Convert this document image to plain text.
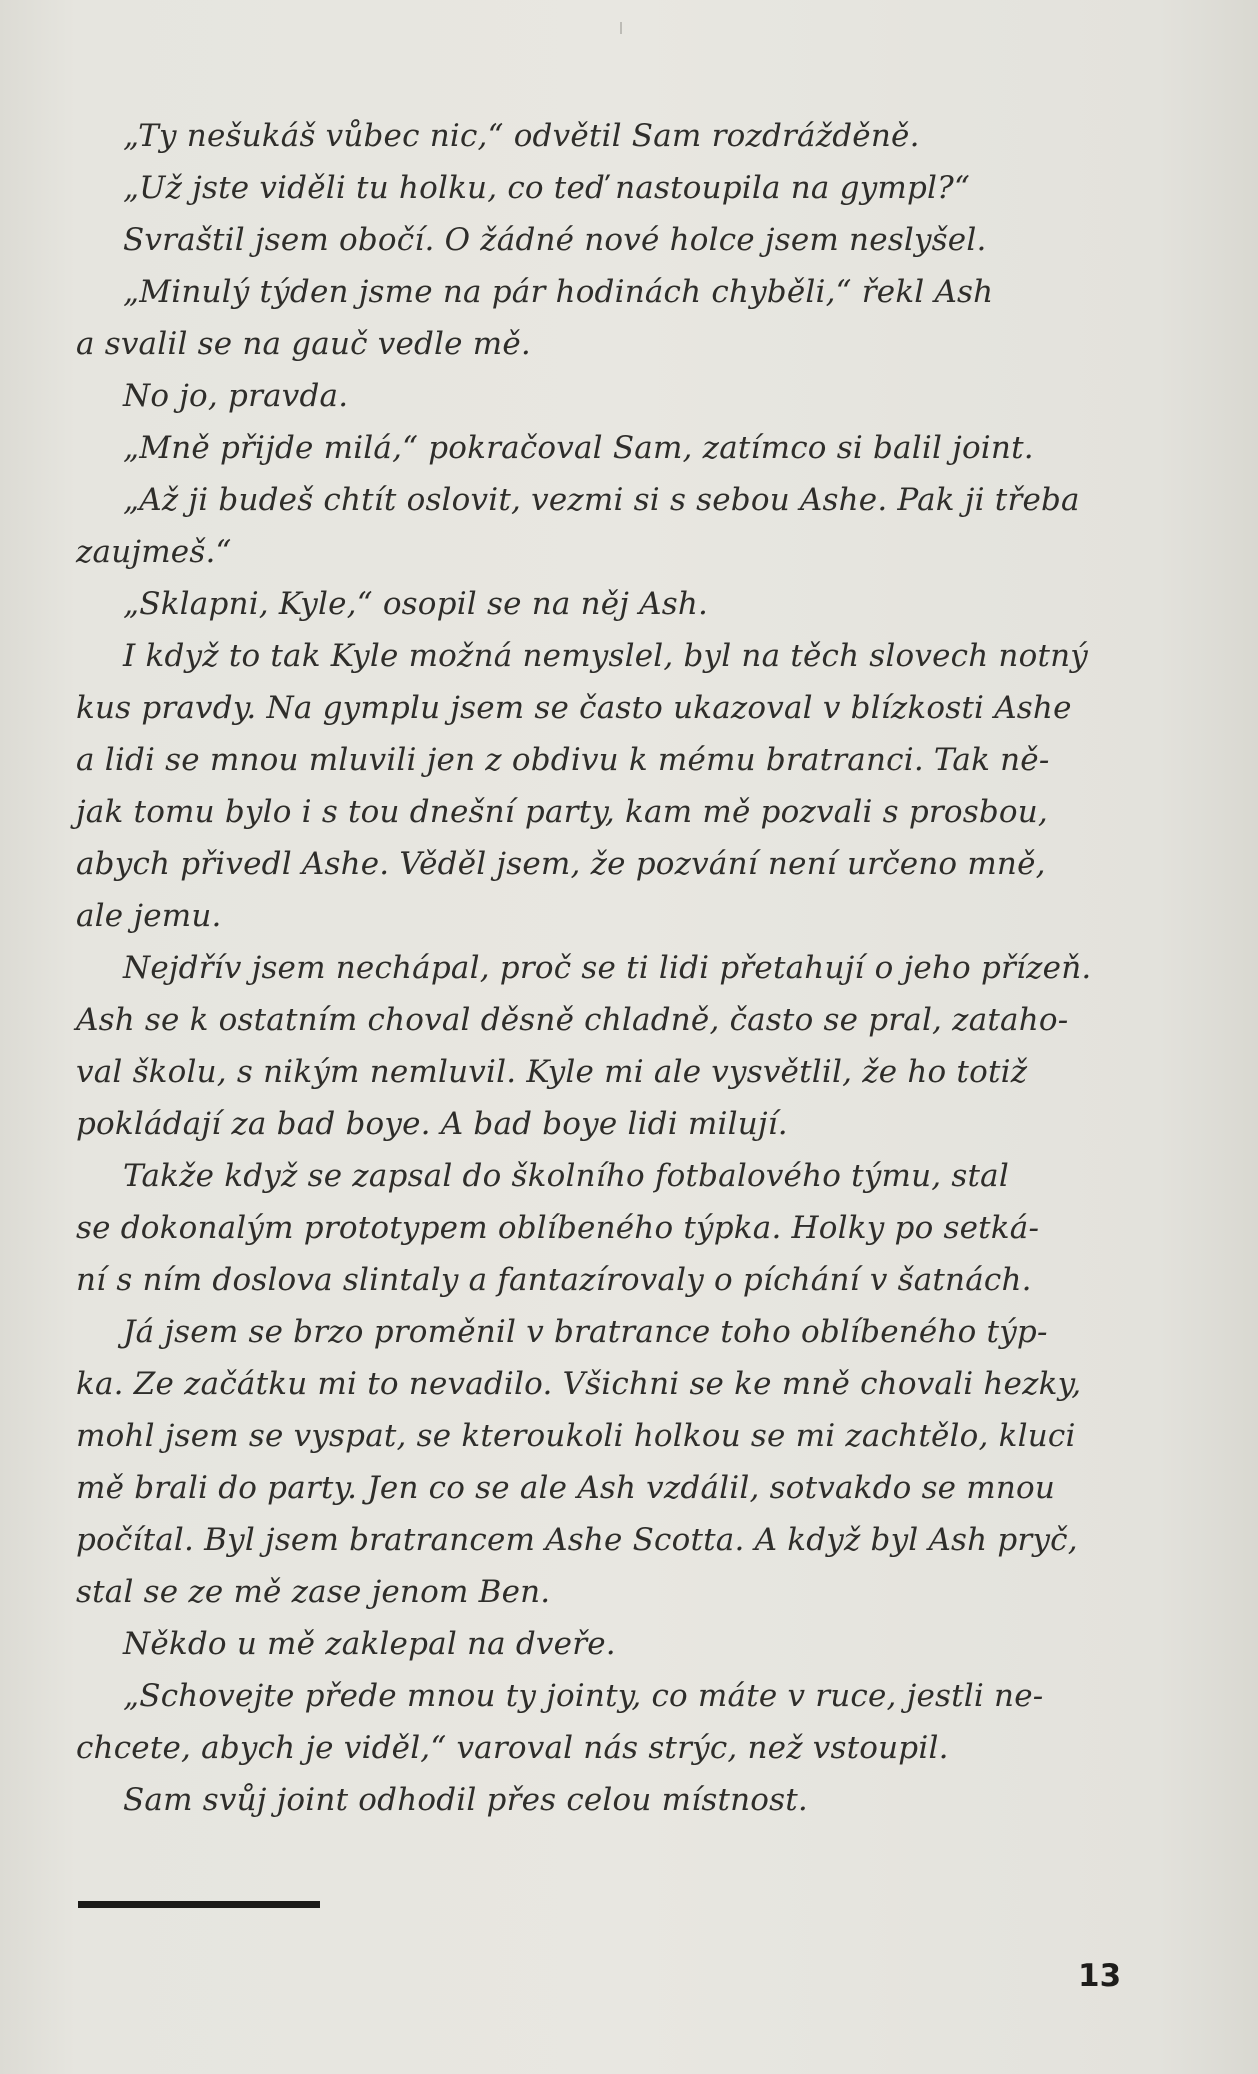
„Ty nešukáš vůbec nic,“ odvětil Sam rozdrážděně.
„Už jste viděli tu holku, co teď nastoupila na gympl?“
Svraštil jsem obočí. O žádné nové holce jsem neslyšel.
„Minulý týden jsme na pár hodinách chyběli,“ řekl Ash
a svalil se na gauč vedle mě.
No jo, pravda.
„Mně přijde milá,“ pokračoval Sam, zatímco si balil joint.
„Až ji budeš chtít oslovit, vezmi si s sebou Ashe. Pak ji třeba
zaujmeš.“
„Sklapni, Kyle,“ osopil se na něj Ash.
I když to tak Kyle možná nemyslel, byl na těch slovech notný
kus pravdy. Na gymplu jsem se často ukazoval v blízkosti Ashe
a lidi se mnou mluvili jen z obdivu k mému bratranci. Tak ně-
jak tomu bylo i s tou dnešní party, kam mě pozvali s prosbou,
abych přivedl Ashe. Věděl jsem, že pozvání není určeno mně,
ale jemu.
Nejdřív jsem nechápal, proč se ti lidi přetahují o jeho přízeň.
Ash se k ostatním choval děsně chladně, často se pral, zataho-
val školu, s nikým nemluvil. Kyle mi ale vysvětlil, že ho totiž
pokládají za bad boye. A bad boye lidi milují.
Takže když se zapsal do školního fotbalového týmu, stal
se dokonalým prototypem oblíbeného týpka. Holky po setká-
ní s ním doslova slintaly a fantazírovaly o píchání v šatnách.
Já jsem se brzo proměnil v bratrance toho oblíbeného týp-
ka. Ze začátku mi to nevadilo. Všichni se ke mně chovali hezky,
mohl jsem se vyspat, se kteroukoli holkou se mi zachtělo, kluci
mě brali do party. Jen co se ale Ash vzdálil, sotvakdo se mnou
počítal. Byl jsem bratrancem Ashe Scotta. A když byl Ash pryč,
stal se ze mě zase jenom Ben.
Někdo u mě zaklepal na dveře.
„Schovejte přede mnou ty jointy, co máte v ruce, jestli ne-
chcete, abych je viděl,“ varoval nás strýc, než vstoupil.
Sam svůj joint odhodil přes celou místnost.
13
